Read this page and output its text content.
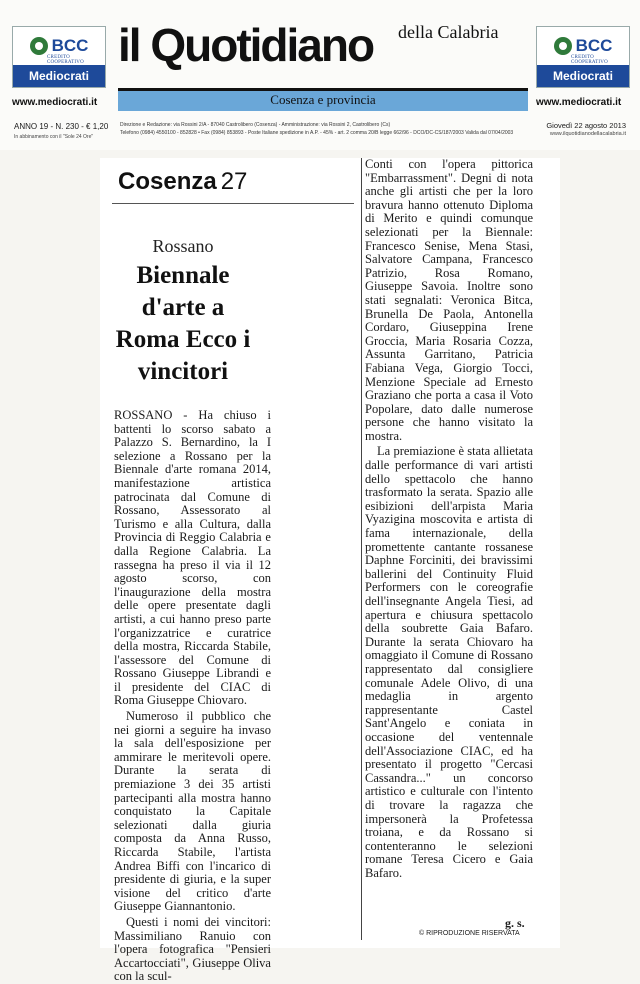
BCC
CREDITO COOPERATIVO
Mediocrati
www.mediocrati.it
il Quotidiano della Calabria
Cosenza e provincia
BCC
CREDITO COOPERATIVO
Mediocrati
www.mediocrati.it
ANNO 19 - N. 230 - € 1,20
In abbinamento con il "Sole 24 Ore"
Direzione e Redazione: via Rossini 2/A - 87040 Castrolibero (Cosenza) - Amministrazione: via Rossini 2, Castrolibero (Cs)
Telefono (0984) 4550100 - 852828 • Fax (0984) 853893 - Poste Italiane spedizione in A.P. - 45% - art. 2 comma 20/B legge 662/96 - DCO/DC-CS/187/2003 Valida dal 07/04/2003
Giovedì 22 agosto 2013
www.ilquotidianodellacalabria.it
Cosenza 27
Rossano
Biennale d'arte a Roma Ecco i vincitori

ROSSANO - Ha chiuso i battenti lo scorso sabato a Palazzo S. Bernardino, la I selezione a Rossano per la Biennale d'arte romana 2014, manifestazione artistica patrocinata dal Comune di Rossano, Assessorato al Turismo e alla Cultura, dalla Provincia di Reggio Calabria e dalla Regione Calabria. La rassegna ha preso il via il 12 agosto scorso, con l'inaugurazione della mostra delle opere presentate dagli artisti, a cui hanno preso parte l'organizzatrice e curatrice della mostra, Riccarda Stabile, l'assessore del Comune di Rossano Giuseppe Librandi e il presidente del CIAC di Roma Giuseppe Chiovaro.

Numeroso il pubblico che nei giorni a seguire ha invaso la sala dell'esposizione per ammirare le meritevoli opere. Durante la serata di premiazione 3 dei 35 artisti partecipanti alla mostra hanno conquistato la Capitale selezionati dalla giuria composta da Anna Russo, Riccarda Stabile, l'artista Andrea Biffi con l'incarico di presidente di giuria, e la super visione del critico d'arte Giuseppe Giannantonio.

Questi i nomi dei vincitori: Massimiliano Ranuio con l'opera fotografica "Pensieri Accartocciati", Giuseppe Oliva con la scul-

Conti con l'opera pittorica "Embarrassment". Degni di nota anche gli artisti che per la loro bravura hanno ottenuto Diploma di Merito e quindi comunque selezionati per la Biennale: Francesco Senise, Mena Stasi, Salvatore Campana, Francesco Patrizio, Rosa Romano, Giuseppe Savoia. Inoltre sono stati segnalati: Veronica Bitca, Brunella De Paola, Antonella Cordaro, Giuseppina Irene Groccia, Maria Rosaria Cozza, Assunta Garritano, Patricia Fabiana Vega, Giorgio Tocci, Menzione Speciale ad Ernesto Graziano che porta a casa il Voto Popolare, dato dalle numerose persone che hanno visitato la mostra.

La premiazione è stata allietata dalle performance di vari artisti dello spettacolo che hanno trasformato la serata. Spazio alle esibizioni dell'arpista Maria Vyazigina moscovita e artista di fama internazionale, della promettente cantante rossanese Daphne Forciniti, dei bravissimi ballerini del Continuity Fluid Performers con le coreografie dell'insegnante Angela Tiesi, ad apertura e chiusura spettacolo della soubrette Gaia Bafaro. Durante la serata Chiovaro ha omaggiato il Comune di Rossano rappresentato dal consigliere comunale Adele Olivo, di una medaglia in argento rappresentante Castel Sant'Angelo e coniata in occasione del ventennale dell'Associazione CIAC, ed ha presentato il progetto "Cercasi Cassandra..." un concorso artistico e culturale con l'intento di trovare la ragazza che impersonerà la Profetessa troiana, e da Rossano si contenteranno le selezioni romane Teresa Cicero e Gaia Bafaro.

g. s.
© RIPRODUZIONE RISERVATA
